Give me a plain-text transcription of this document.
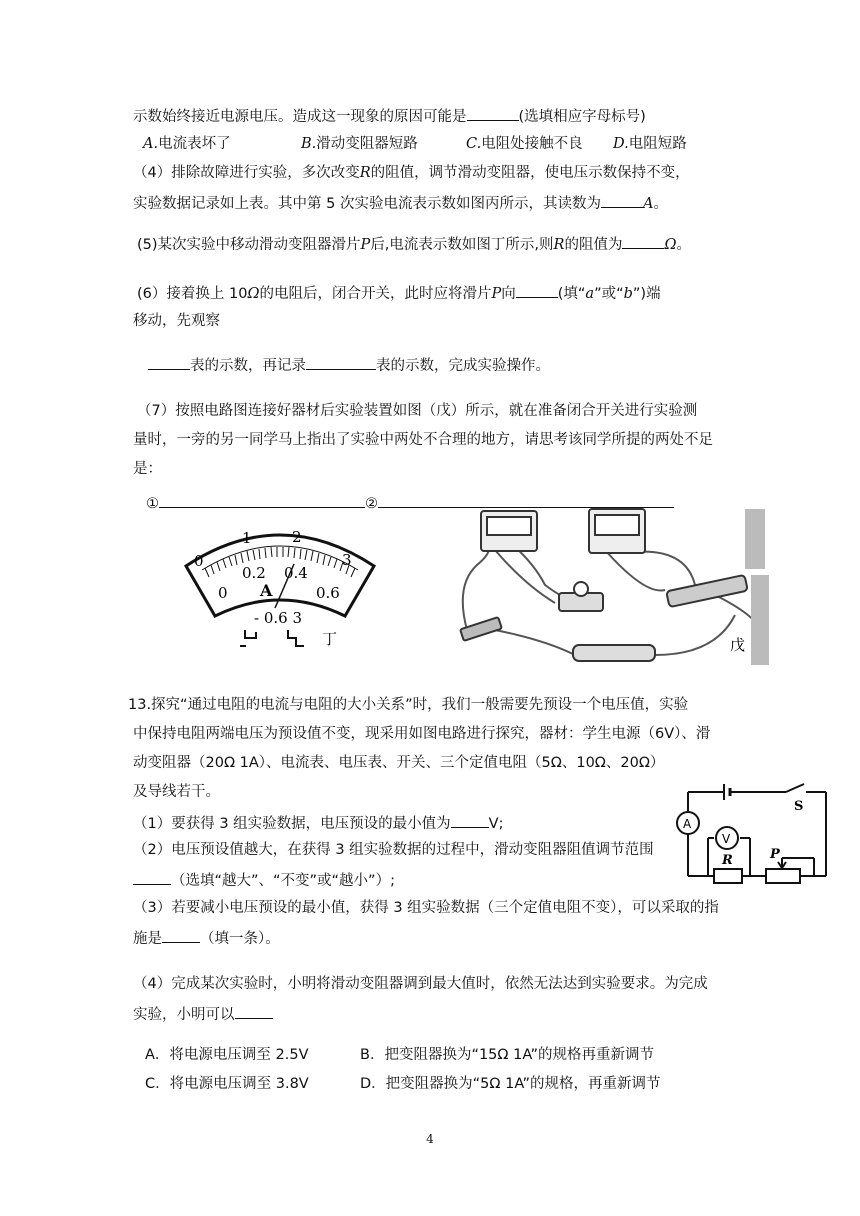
示数始终接近电源电压。造成这一现象的原因可能是	(选填相应字母标号)
A.电流表坏了	B.滑动变阻器短路	C.电阻处接触不良 D.电阻短路
（4）排除故障进行实验，多次改变R的阻值，调节滑动变阻器，使电压示数保持不变，
实验数据记录如上表。其中第 5 次实验电流表示数如图丙所示，其读数为	A。
(5)某次实验中移动滑动变阻器滑片P后,电流表示数如图丁所示,则R的阻值为	Ω。
(6）接着换上 10Ω的电阻后，闭合开关，此时应将滑片P向	(填“a”或“b”)端
移动，先观察
表的示数，再记录	表的示数，完成实验操作。
（7）按照电路图连接好器材后实验装置如图（戊）所示，就在准备闭合开关进行实验测
量时，一旁的另一同学马上指出了实验中两处不合理的地方，请思考该同学所提的两处不足
是：
①	②
0
1	2
3
0
0.2 0.4
0.6
A
- 0.6 3
丁	戊
13.探究“通过电阻的电流与电阻的大小关系”时，我们一般需要先预设一个电压值，实验
中保持电阻两端电压为预设值不变，现采用如图电路进行探究，器材：学生电源（6V）、滑
动变阻器（20Ω 1A）、电流表、电压表、开关、三个定值电阻（5Ω、10Ω、20Ω）
及导线若干。
（1）要获得 3 组实验数据，电压预设的最小值为	V;
（2）电压预设值越大，在获得 3 组实验数据的过程中，滑动变阻器阻值调节范围
（选填“越大”、“不变”或“越小”）;
（3）若要减小电压预设的最小值，获得 3 组实验数据（三个定值电阻不变），可以采取的指
施是	（填一条）。
A
V
R	P
S
（4）完成某次实验时，小明将滑动变阻器调到最大值时，依然无法达到实验要求。为完成
实验，小明可以
A．将电源电压调至 2.5V	B．把变阻器换为“15Ω 1A”的规格再重新调节
C．将电源电压调至 3.8V	D．把变阻器换为“5Ω 1A”的规格，再重新调节
4
